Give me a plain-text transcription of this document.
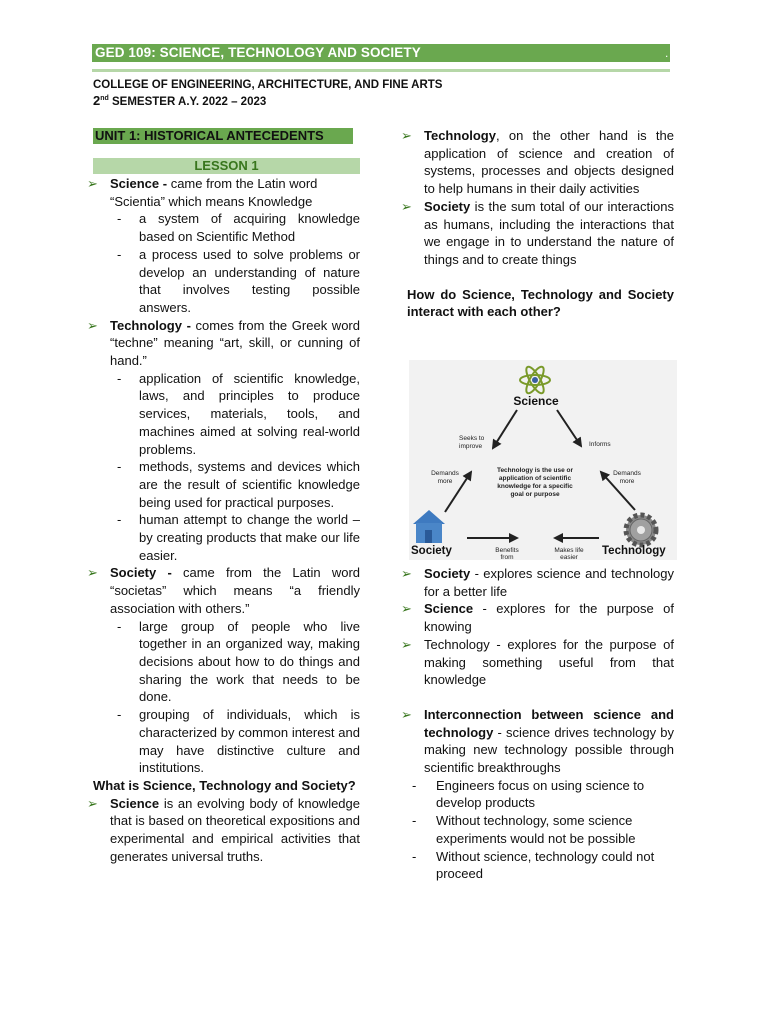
GED 109: SCIENCE, TECHNOLOGY AND SOCIETY	.
COLLEGE OF ENGINEERING, ARCHITECTURE, AND FINE ARTS
2nd SEMESTER A.Y. 2022 – 2023
UNIT 1: HISTORICAL ANTECEDENTS
LESSON 1
➢ Science - came from the Latin word

“Scientia” which means Knowledge

- a system of acquiring knowledge based on Scientific Method

- a process used to solve problems or develop an understanding of nature that involves testing possible answers.

➢ Technology - comes from the Greek word “techne” meaning “art, skill, or cunning of hand.”

- application of scientific knowledge, laws, and principles to produce services, materials, tools, and machines aimed at solving real-world problems.

- methods, systems and devices which are the result of scientific knowledge being used for practical purposes.

- human attempt to change the world – by creating products that make our life easier.

➢ Society - came from the Latin word “societas” which means “a friendly association with others.”

- large group of people who live together in an organized way, making decisions about how to do things and sharing the work that needs to be done.

- grouping of individuals, which is characterized by common interest and may have distinctive culture and institutions.

What is Science, Technology and Society?

➢ Science is an evolving body of knowledge that is based on theoretical expositions and experimental and empirical activities that generates universal truths.

➢ Technology, on the other hand is the application of science and creation of systems, processes and objects designed to help humans in their daily activities

➢ Society is the sum total of our interactions as humans, including the interactions that we engage in to understand the nature of things and to create things

How do Science, Technology and Society interact with each other?

Science
Seeks to
improve	Informs
Demands
more
Demands
more
Benefits
from
Makes life
easier
Technology is the use or
application of scientific
knowledge for a specific
goal or purpose
Society	Technology
➢ Society - explores science and technology for a better life

➢ Science - explores for the purpose of knowing

➢ Technology - explores for the purpose of making something useful from that knowledge

➢ Interconnection between science and technology - science drives technology by making new technology possible through scientific breakthroughs

- Engineers focus on using science to develop products

- Without technology, some science experiments would not be possible

- Without science, technology could not proceed
